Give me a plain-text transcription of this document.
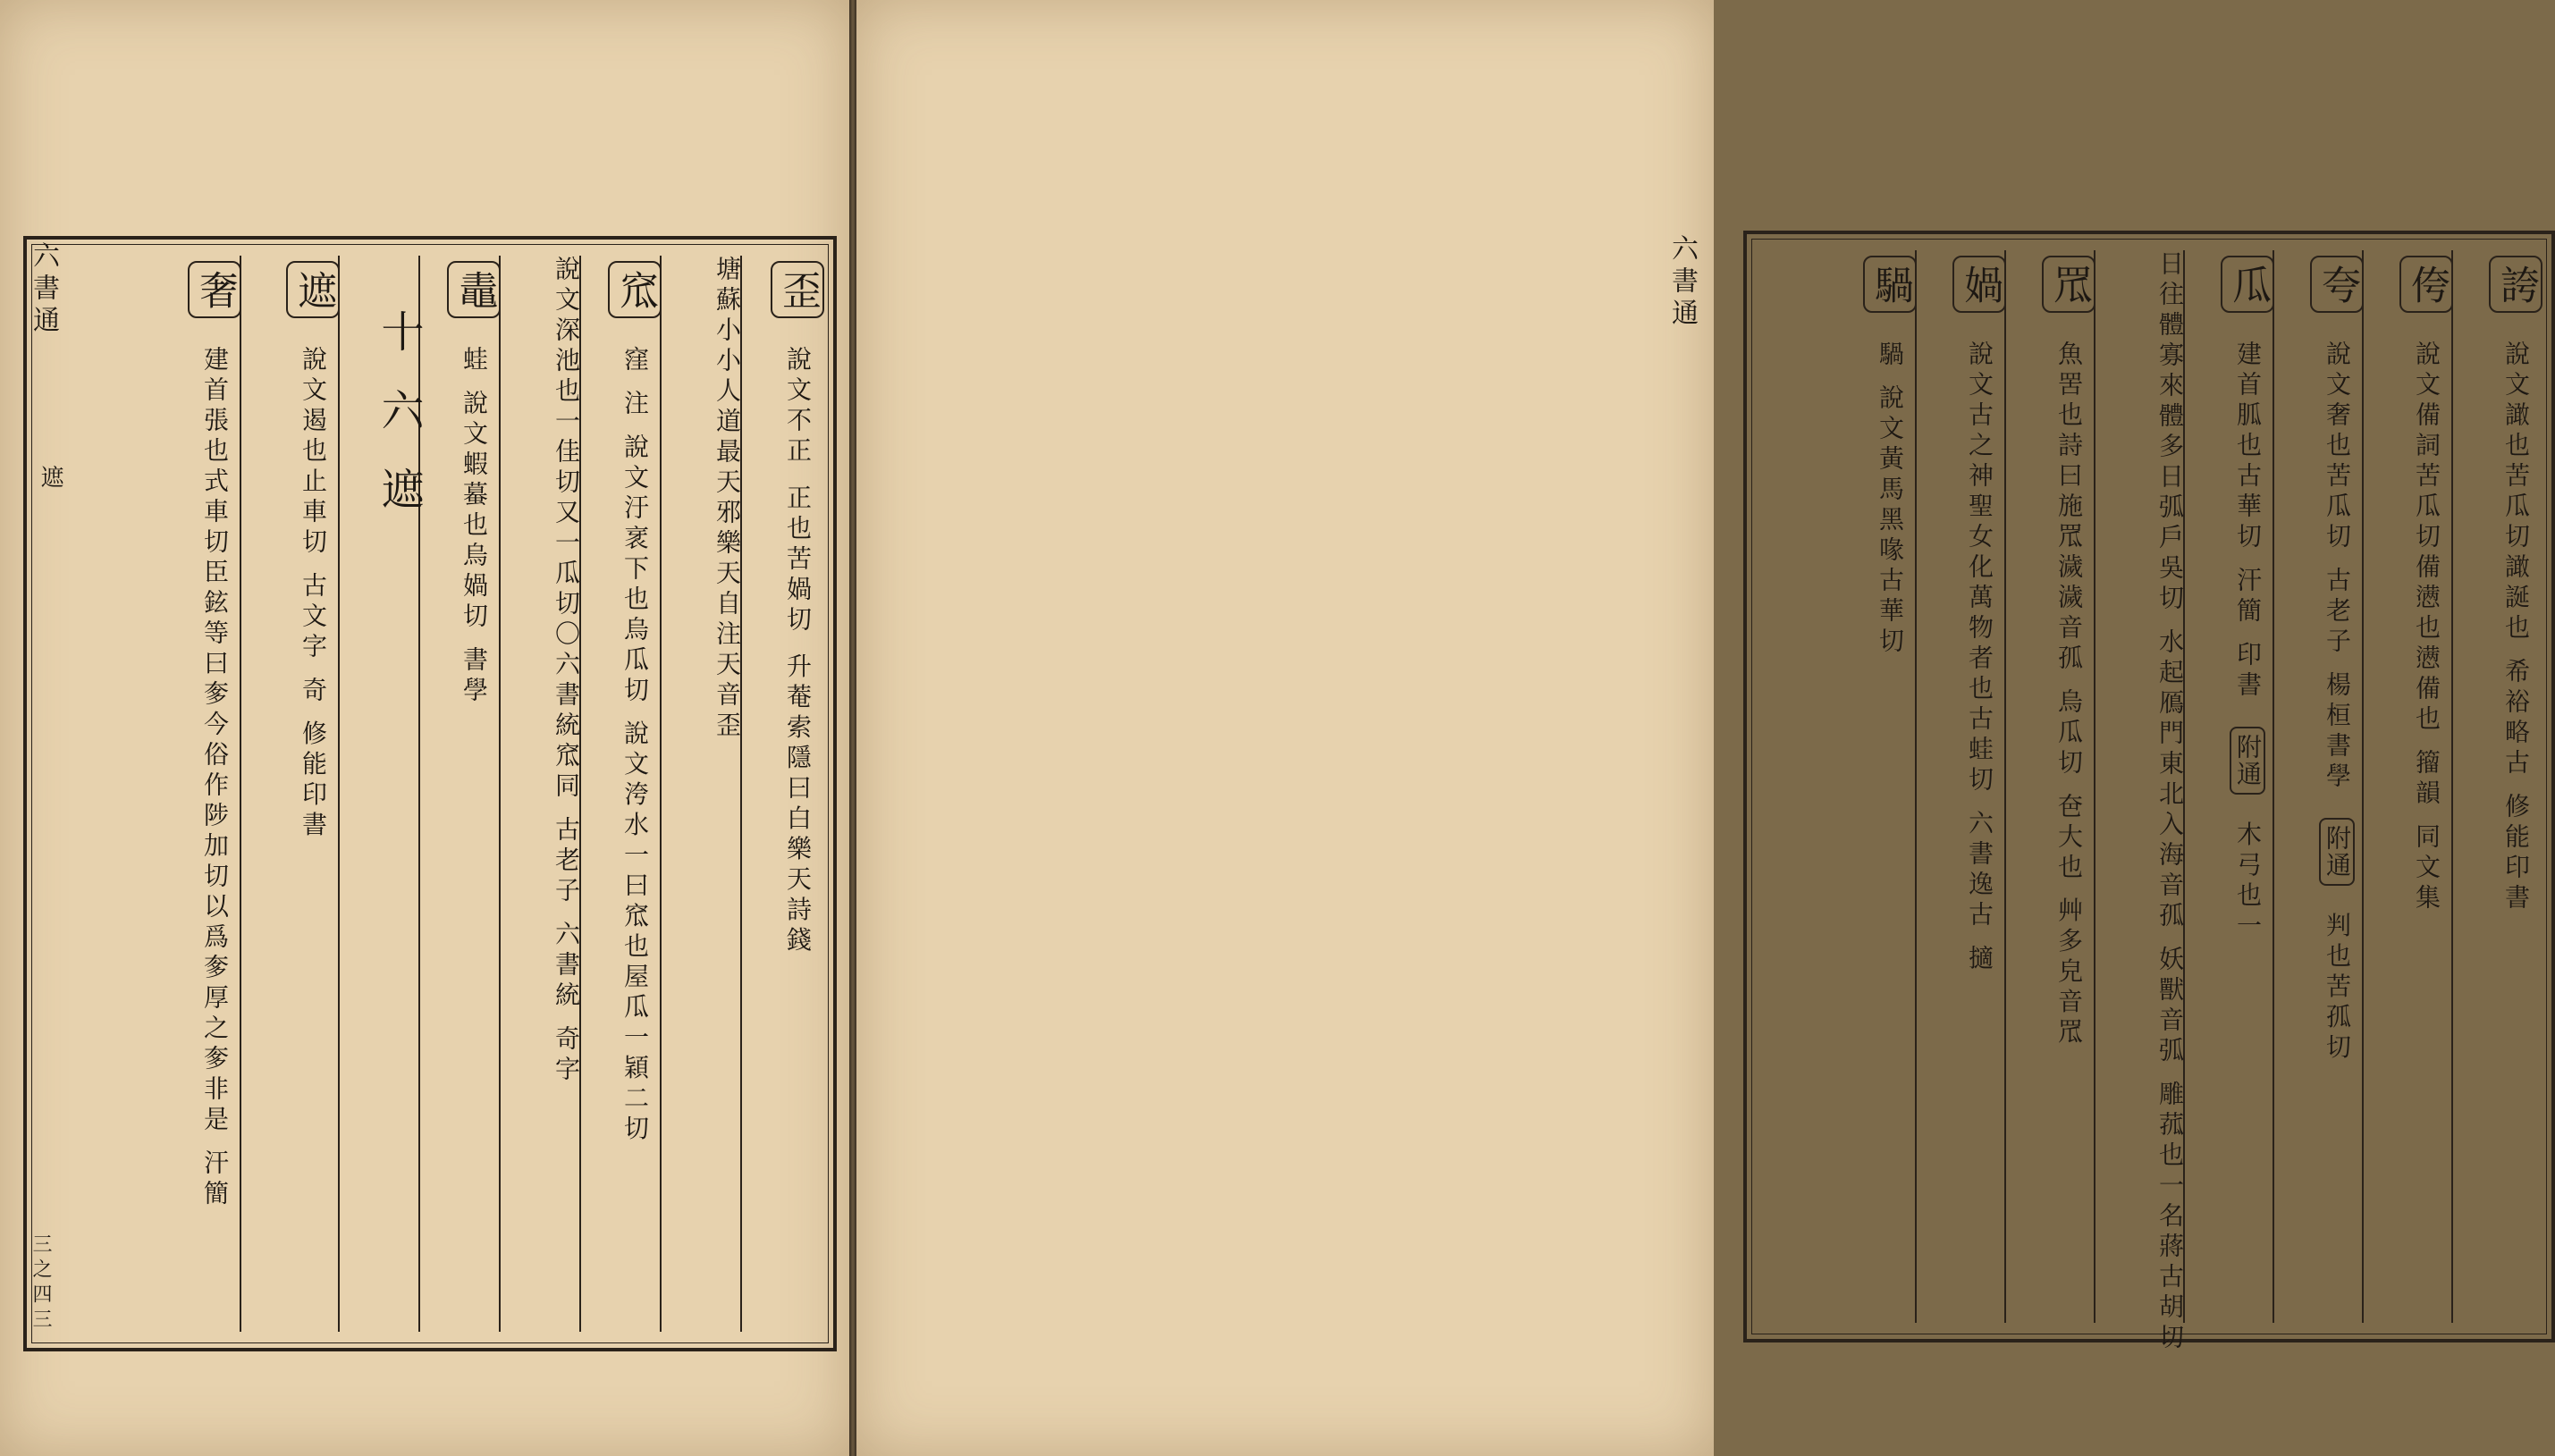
六書通
遮
三之四三
歪 說文不正 正也苦媧切 升菴索隱曰白樂天詩錢
塘蘇小小人道最天邪樂天自注天音歪
窊 窪 注 說文汙衺下也烏瓜切 說文洿水一曰窊也屋瓜一穎二切
說文深池也一佳切又一瓜切〇六書統窊同 古老子 六書統 奇字
鼃 蛙 說文蝦蟇也烏媧切 書學
十六遮
遮 說文遏也止車切 古文字 奇 修能印書
奢 建首張也式車切臣鉉等曰奓今俗作陟加切以爲奓厚之奓非是 汗簡
六書通	誇 說文譀也苦瓜切譀誕也 希裕略古 修能印書
侉 說文備詞苦瓜切備懑也懑備也 籀韻 同文集
夸 說文奢也苦瓜切 古老子 楊桓書學 附通 判也苦孤切
瓜 建首胍也古華切 汗簡 印書 附通 木弓也一
日往體寡來體多日弧戶吳切 水起鴈門東北入海音孤 妖獸音弧 雕菰也一名蔣古胡切
罛 魚罟也詩曰施罛濊濊音孤 烏瓜切 夿大也 艸多皃音罛
媧 說文古之神聖女化萬物者也古蛙切 六書逸古 擿
騧 騧 說文黃馬黑喙古華切
